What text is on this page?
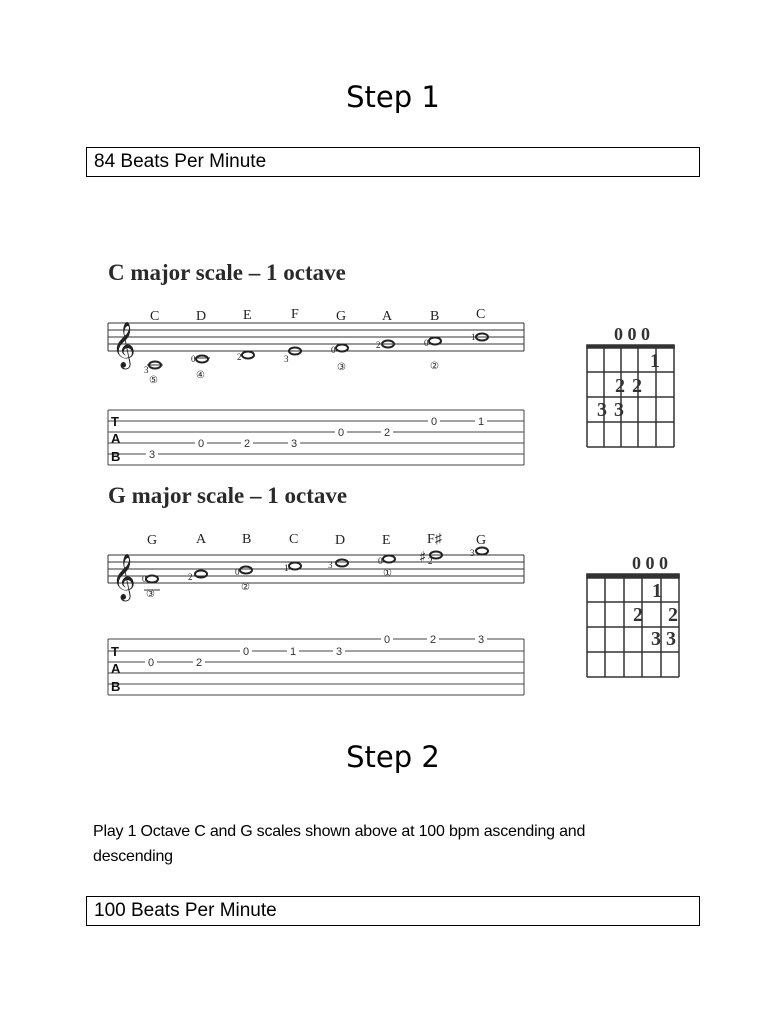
Step 1
84 Beats Per Minute
C major scale – 1 octave
G major scale – 1 octave
𝄞
C	D	E	F	G	A	B	C
3
0	2	3
0	2	0
1
⑤	④
③	②
T
A
B	3
0	2	3
0	2
0	1
0 0 0
1
2 2
3 3
𝄞
G	A	B	C	D	E	F♯ G
0	2	0	1	3	0	2
3
♯
③
②
①
T
A
B
0	2
0	1	3
0	2	3
0 0 0
1
2 2
3 3
Step 2
Play 1 Octave C and G scales shown above at 100 bpm ascending and descending
100 Beats Per Minute
